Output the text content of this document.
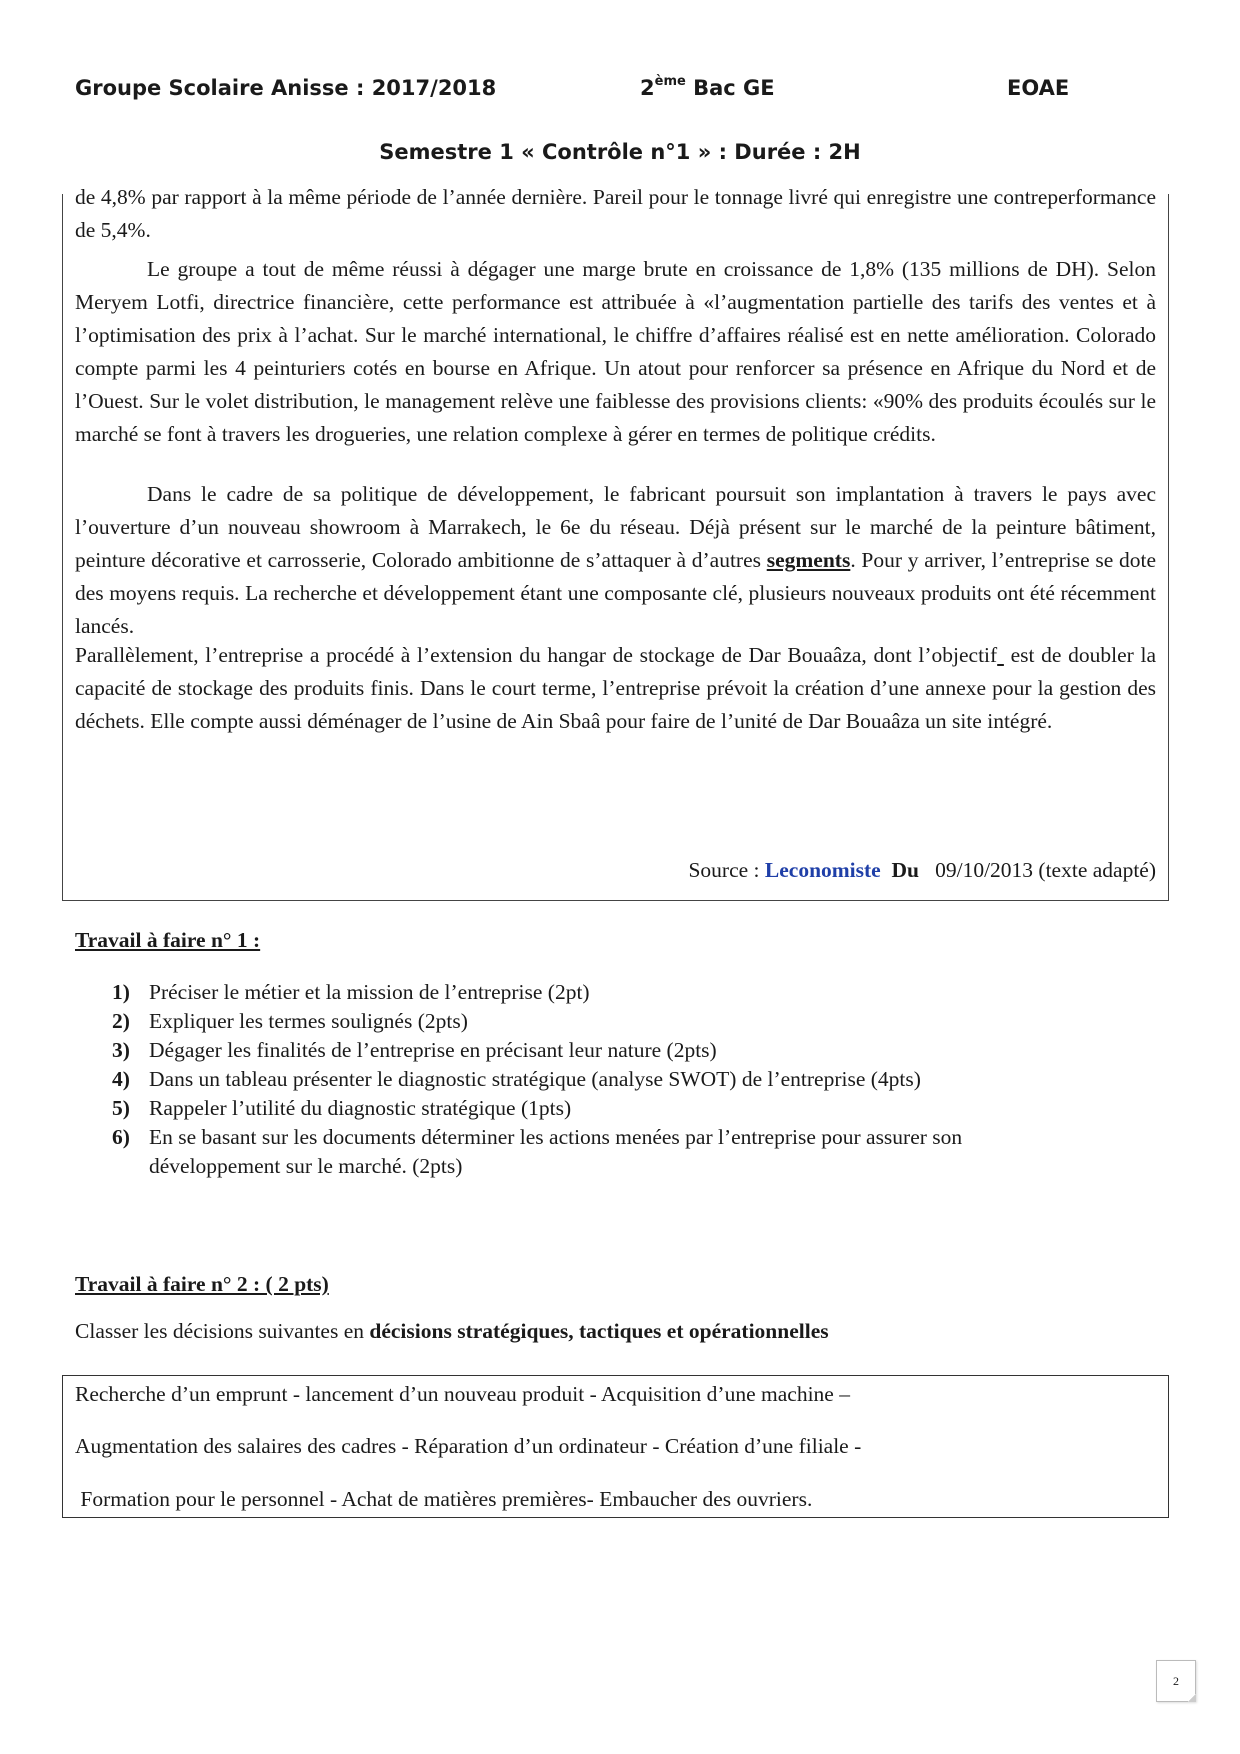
Groupe Scolaire Anisse : 2017/2018	2ème Bac GE	EOAE
Semestre 1 « Contrôle n°1 » : Durée : 2H

de 4,8% par rapport à la même période de l’année dernière. Pareil pour le tonnage livré qui enregistre une contreperformance de 5,4%.

Le groupe a tout de même réussi à dégager une marge brute en croissance de 1,8% (135 millions de DH). Selon Meryem Lotfi, directrice financière, cette performance est attribuée à «l’augmentation partielle des tarifs des ventes et à l’optimisation des prix à l’achat. Sur le marché international, le chiffre d’affaires réalisé est en nette amélioration. Colorado compte parmi les 4 peinturiers cotés en bourse en Afrique. Un atout pour renforcer sa présence en Afrique du Nord et de l’Ouest. Sur le volet distribution, le management relève une faiblesse des provisions clients: «90% des produits écoulés sur le marché se font à travers les drogueries, une relation complexe à gérer en termes de politique crédits.

Dans le cadre de sa politique de développement, le fabricant poursuit son implantation à travers le pays avec l’ouverture d’un nouveau showroom à Marrakech, le 6e du réseau. Déjà présent sur le marché de la peinture bâtiment, peinture décorative et carrosserie, Colorado ambitionne de s’attaquer à d’autres segments. Pour y arriver, l’entreprise se dote des moyens requis. La recherche et développement étant une composante clé, plusieurs nouveaux produits ont été récemment lancés.

Parallèlement, l’entreprise a procédé à l’extension du hangar de stockage de Dar Bouaâza, dont l’objectif  est de doubler la capacité de stockage des produits finis. Dans le court terme, l’entreprise prévoit la création d’une annexe pour la gestion des déchets. Elle compte aussi déménager de l’usine de Ain Sbaâ pour faire de l’unité de Dar Bouaâza un site intégré.

Source : Leconomiste Du 09/10/2013 (texte adapté)
Travail à faire n° 1 :
1) Préciser le métier et la mission de l’entreprise (2pt)
2) Expliquer les termes soulignés (2pts)
3) Dégager les finalités de l’entreprise en précisant leur nature (2pts)
4) Dans un tableau présenter le diagnostic stratégique (analyse SWOT) de l’entreprise (4pts)
5) Rappeler l’utilité du diagnostic stratégique (1pts)
6) En se basant sur les documents déterminer les actions menées par l’entreprise pour assurer son développement sur le marché. (2pts)
Travail à faire n° 2 : ( 2 pts)
Classer les décisions suivantes en décisions stratégiques, tactiques et opérationnelles
Recherche d’un emprunt - lancement d’un nouveau produit - Acquisition d’une machine –
Augmentation des salaires des cadres - Réparation d’un ordinateur - Création d’une filiale -
Formation pour le personnel - Achat de matières premières- Embaucher des ouvriers.
2
